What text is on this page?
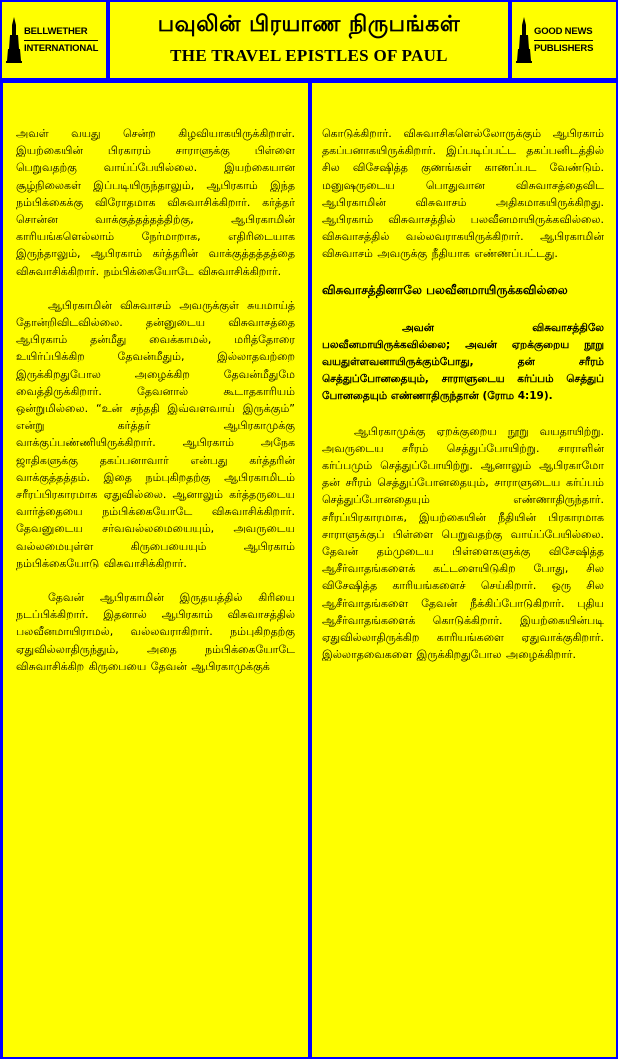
BELLWETHER
INTERNATIONAL
பவுலின் பிரயாண நிருபங்கள்
THE TRAVEL EPISTLES OF PAUL
GOOD NEWS
PUBLISHERS

அவள் வயது சென்ற கிழவியாகயிருக்கிறாள். இயற்கையின் பிரகாரம் சாராளுக்கு பிள்ளை பெறுவதற்கு வாய்ப்பேயில்லை. இயற்கையான சூழ்நிலைகள் இப்படியிருந்தாலும், ஆபிரகாம் இந்த நம்பிக்கைக்கு விரோதமாக விசுவாசிக்கிறார். கர்த்தர் சொன்ன வாக்குத்தத்தத்திற்கு, ஆபிரகாமின் காரியங்களெல்லாம் நேர்மாறாக, எதிரிடையாக இருந்தாலும், ஆபிரகாம் கர்த்தரின் வாக்குத்தத்தத்தை விசுவாசிக்கிறார். நம்பிக்கையோடே விசுவாசிக்கிறார்.

ஆபிரகாமின் விசுவாசம் அவருக்குள் சுயமாய்த் தோன்றிவிடவில்லை. தன்னுடைய விசுவாசத்தை ஆபிரகாம் தன்மீது வைக்காமல், மரித்தோரை உயிர்ப்பிக்கிற தேவன்மீதும், இல்லாதவற்றை இருக்கிறதுபோல அழைக்கிற தேவன்மீதுமே வைத்திருக்கிறார். தேவனால் கூடாதகாரியம் ஒன்றுமில்லை. “உன் சந்ததி இவ்வளவாய் இருக்கும்” என்று கர்த்தர் ஆபிரகாமுக்கு வாக்குப்பண்ணியிருக்கிறார். ஆபிரகாம் அநேக ஜாதிகளுக்கு தகப்பனாவார் என்பது கர்த்தரின் வாக்குத்தத்தம். இதை நம்புகிறதற்கு ஆபிரகாமிடம் சரீரப்பிரகாரமாக ஏதுவில்லை. ஆனாலும் கர்த்தருடைய வார்த்தையை நம்பிக்கையோடே விசுவாசிக்கிறார். தேவனுடைய சர்வவல்லமையையும், அவருடைய வல்லமையுள்ள கிருபையையும் ஆபிரகாம் நம்பிக்கையோடு விசுவாசிக்கிறார்.

தேவன் ஆபிரகாமின் இருதயத்தில் கிரியை நடப்பிக்கிறார். இதனால் ஆபிரகாம் விசுவாசத்தில் பலவீனமாயிராமல், வல்லவராகிறார். நம்புகிறதற்கு ஏதுவில்லாதிருந்தும், அதை நம்பிக்கையோடே விசுவாசிக்கிற கிருபையை தேவன் ஆபிரகாமுக்குக்

கொடுக்கிறார். விசுவாசிகளெல்லோருக்கும் ஆபிரகாம் தகப்பனாகயிருக்கிறார். இப்படிப்பட்ட தகப்பனிடத்தில் சில விசேஷித்த குணங்கள் காணப்பட வேண்டும். மனுஷருடைய பொதுவான விசுவாசத்தைவிட ஆபிரகாமின் விசுவாசம் அதிகமாகயிருக்கிறது. ஆபிரகாம் விசுவாசத்தில் பலவீனமாயிருக்கவில்லை. விசுவாசத்தில் வல்லவராகயிருக்கிறார். ஆபிரகாமின் விசுவாசம் அவருக்கு நீதியாக எண்ணப்பட்டது.

விசுவாசத்தினாலே பலவீனமாயிருக்கவில்லை

அவன் விசுவாசத்திலே பலவீனமாயிருக்கவில்லை; அவன் ஏறக்குறைய நூறு வயதுள்ளவனாயிருக்கும்போது, தன் சரீரம் செத்துப்போனதையும், சாராளுடைய கர்ப்பம் செத்துப் போனதையும் எண்ணாதிருந்தான் (ரோம 4:19).

ஆபிரகாமுக்கு ஏறக்குறைய நூறு வயதாயிற்று. அவருடைய சரீரம் செத்துப்போயிற்று. சாராளின் கர்ப்பமும் செத்துப்போயிற்று. ஆனாலும் ஆபிரகாமோ தன் சரீரம் செத்துப்போனதையும், சாராளுடைய கர்ப்பம் செத்துப்போனதையும் எண்ணாதிருந்தார். சரீரப்பிரகாரமாக, இயற்கையின் நீதியின் பிரகாரமாக சாராளுக்குப் பிள்ளை பெறுவதற்கு வாய்ப்பேயில்லை. தேவன் தம்முடைய பிள்ளைகளுக்கு விசேஷித்த ஆசீர்வாதங்களைக் கட்டளையிடுகிற போது, சில விசேஷித்த காரியங்களைச் செய்கிறார். ஒரு சில ஆசீர்வாதங்களை தேவன் நீக்கிப்போடுகிறார். புதிய ஆசீர்வாதங்களைக் கொடுக்கிறார். இயற்கையின்படி ஏதுவில்லாதிருக்கிற காரியங்களை ஏதுவாக்குகிறார். இல்லாதவைகளை இருக்கிறதுபோல அழைக்கிறார்.
